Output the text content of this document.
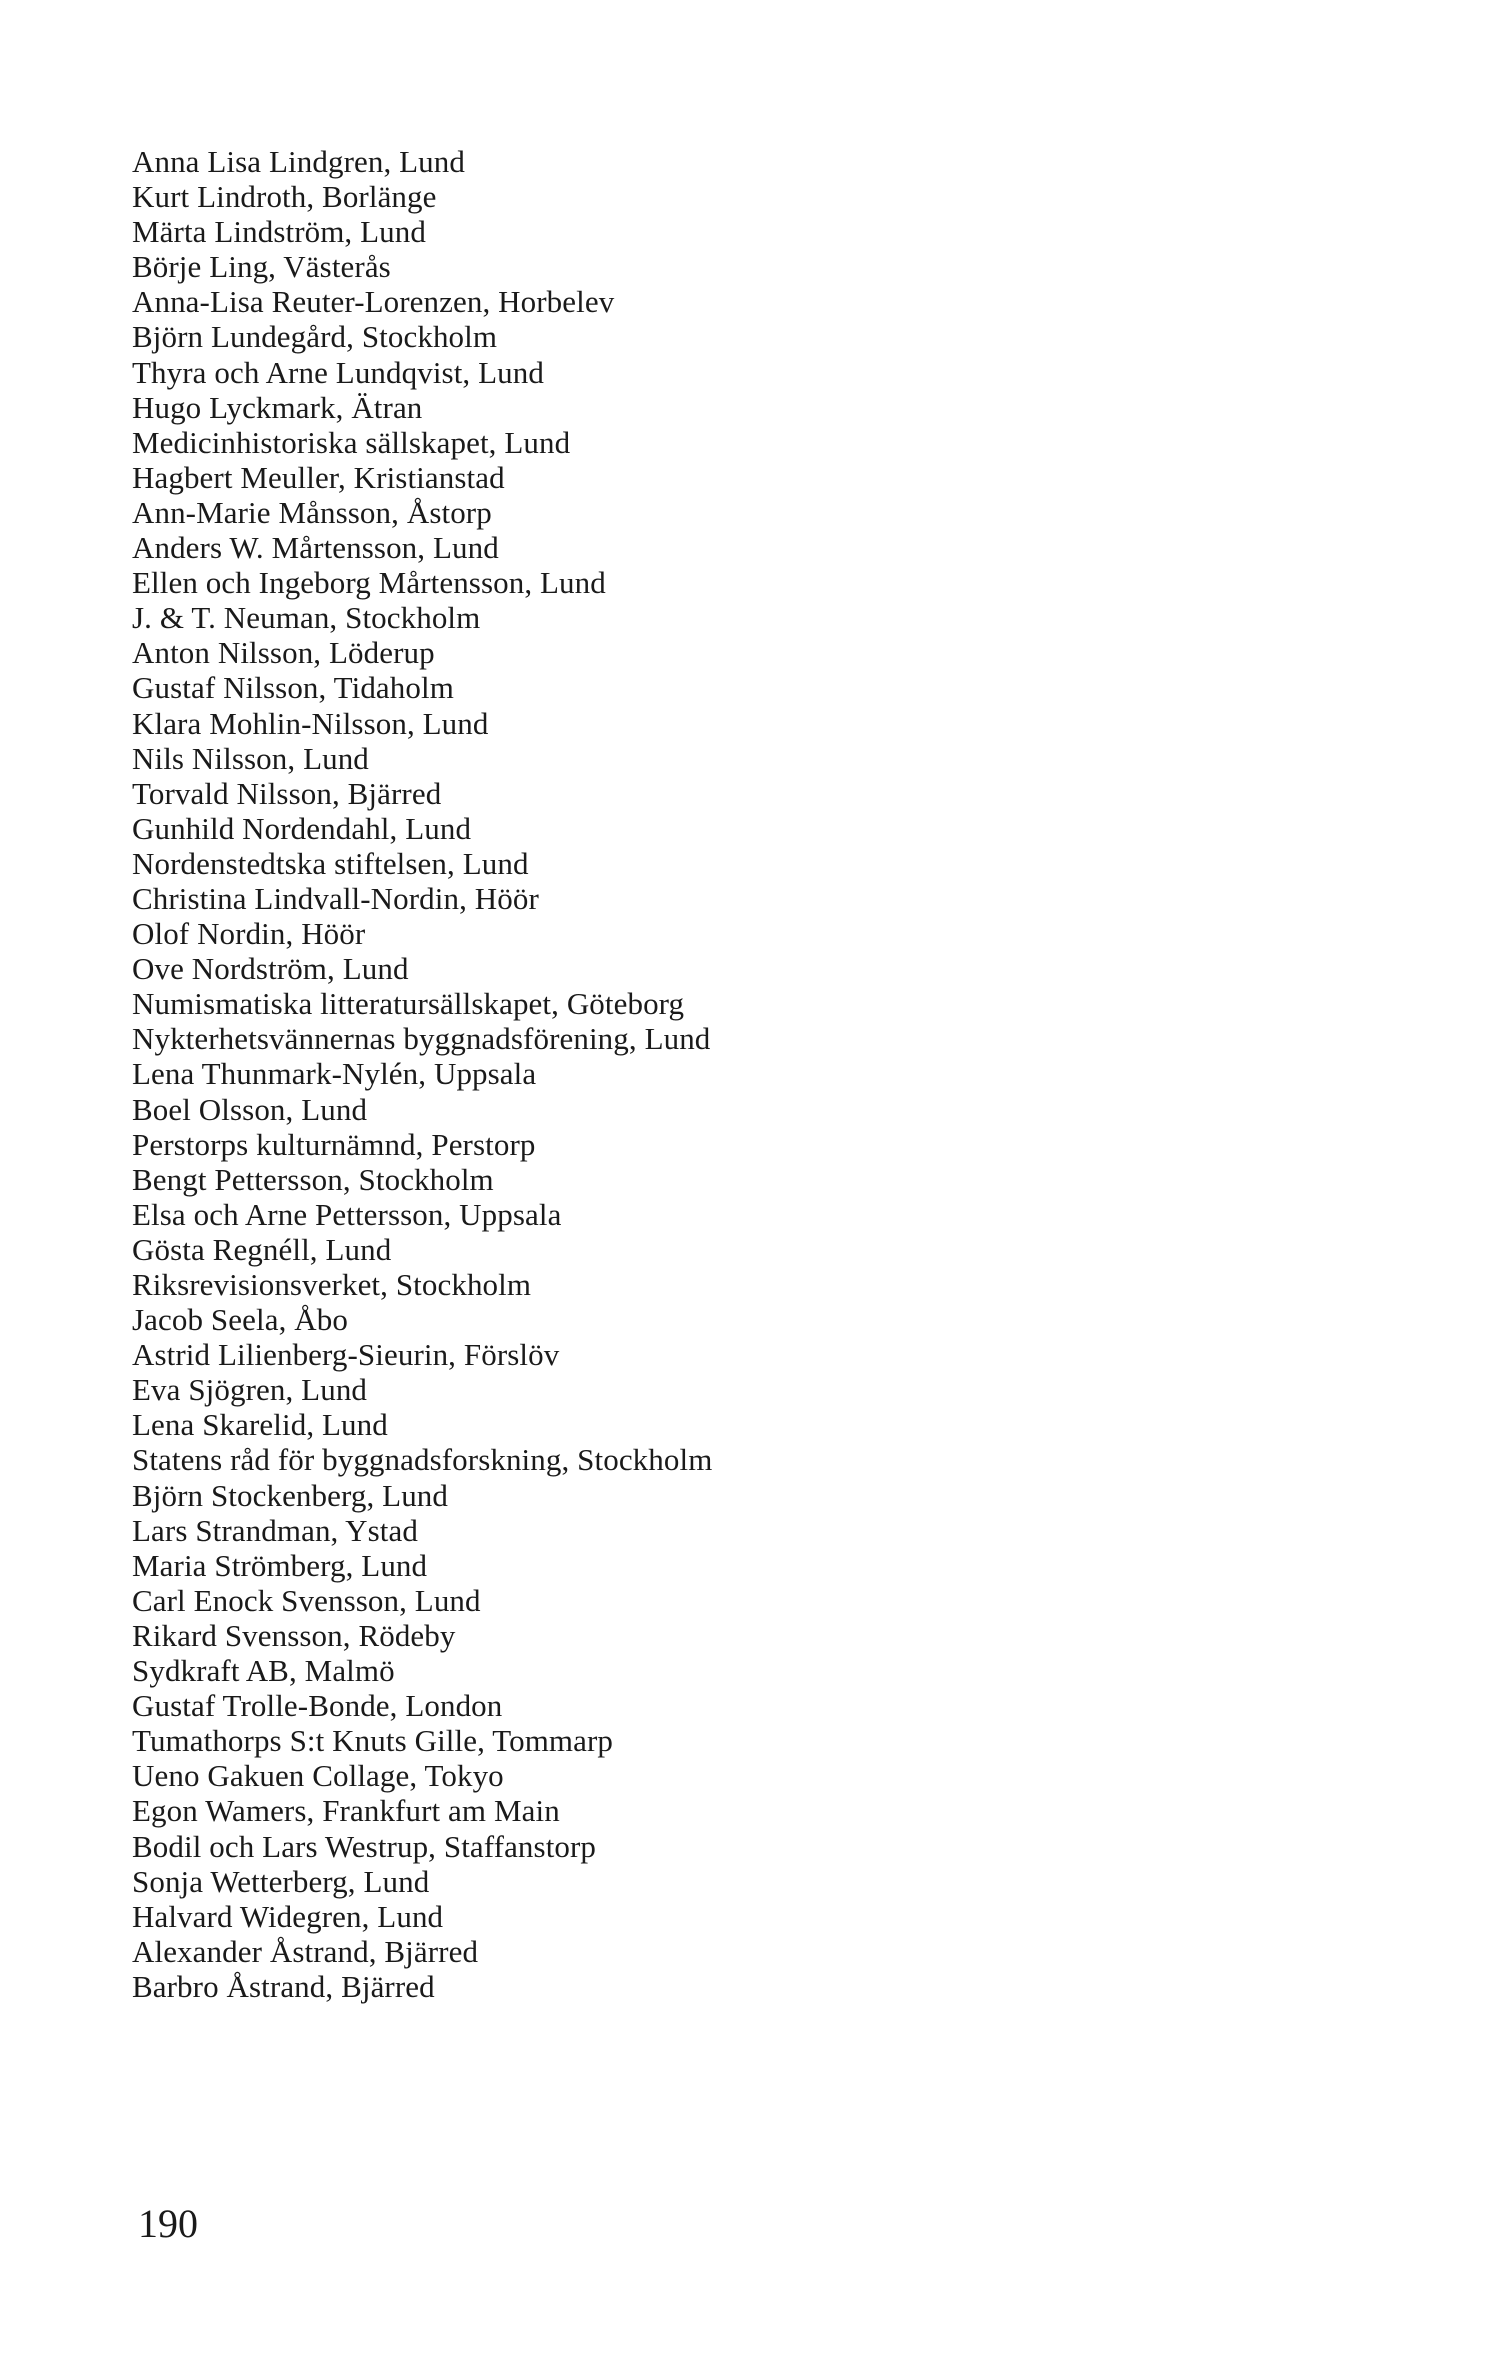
Anna Lisa Lindgren, Lund
Kurt Lindroth, Borlänge
Märta Lindström, Lund
Börje Ling, Västerås
Anna-Lisa Reuter-Lorenzen, Horbelev
Björn Lundegård, Stockholm
Thyra och Arne Lundqvist, Lund
Hugo Lyckmark, Ätran
Medicinhistoriska sällskapet, Lund
Hagbert Meuller, Kristianstad
Ann-Marie Månsson, Åstorp
Anders W. Mårtensson, Lund
Ellen och Ingeborg Mårtensson, Lund
J. & T. Neuman, Stockholm
Anton Nilsson, Löderup
Gustaf Nilsson, Tidaholm
Klara Mohlin-Nilsson, Lund
Nils Nilsson, Lund
Torvald Nilsson, Bjärred
Gunhild Nordendahl, Lund
Nordenstedtska stiftelsen, Lund
Christina Lindvall-Nordin, Höör
Olof Nordin, Höör
Ove Nordström, Lund
Numismatiska litteratursällskapet, Göteborg
Nykterhetsvännernas byggnadsförening, Lund
Lena Thunmark-Nylén, Uppsala
Boel Olsson, Lund
Perstorps kulturnämnd, Perstorp
Bengt Pettersson, Stockholm
Elsa och Arne Pettersson, Uppsala
Gösta Regnéll, Lund
Riksrevisionsverket, Stockholm
Jacob Seela, Åbo
Astrid Lilienberg-Sieurin, Förslöv
Eva Sjögren, Lund
Lena Skarelid, Lund
Statens råd för byggnadsforskning, Stockholm
Björn Stockenberg, Lund
Lars Strandman, Ystad
Maria Strömberg, Lund
Carl Enock Svensson, Lund
Rikard Svensson, Rödeby
Sydkraft AB, Malmö
Gustaf Trolle-Bonde, London
Tumathorps S:t Knuts Gille, Tommarp
Ueno Gakuen Collage, Tokyo
Egon Wamers, Frankfurt am Main
Bodil och Lars Westrup, Staffanstorp
Sonja Wetterberg, Lund
Halvard Widegren, Lund
Alexander Åstrand, Bjärred
Barbro Åstrand, Bjärred
190
